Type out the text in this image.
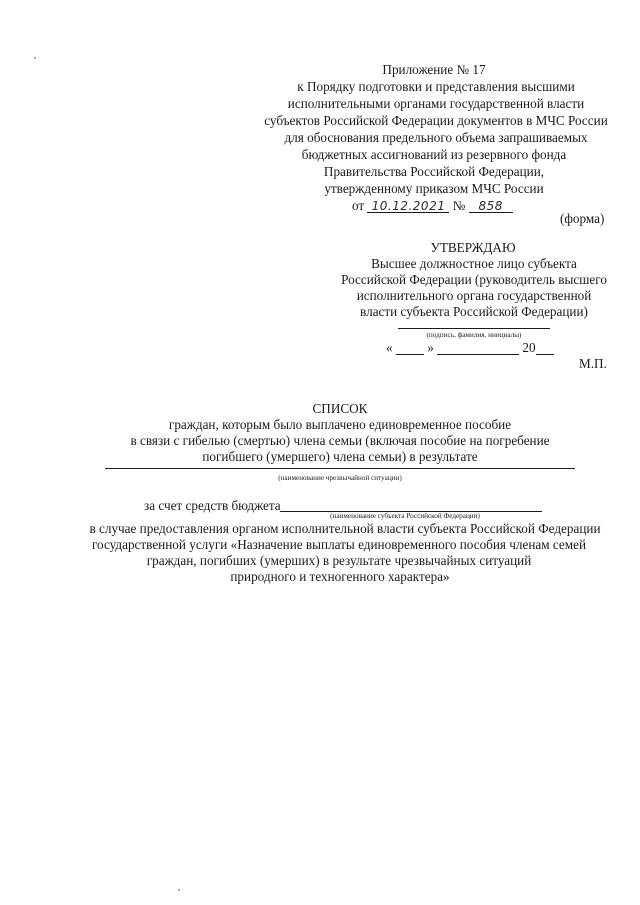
Приложение № 17
к Порядку подготовки и представления высшими
исполнительными органами государственной власти
субъектов Российской Федерации документов в МЧС России
для обоснования предельного объема запрашиваемых
бюджетных ассигнований из резервного фонда
Правительства Российской Федерации,
утвержденному приказом МЧС России
от 10.12.2021 № 858
(форма)
УТВЕРЖДАЮ
Высшее должностное лицо субъекта
Российской Федерации (руководитель высшего
исполнительного органа государственной
власти субъекта Российской Федерации)
(подпись, фамилия, инициалы)
«	»	20

М.П.
СПИСОК
граждан, которым было выплачено единовременное пособие
в связи с гибелью (смертью) члена семьи (включая пособие на погребение
погибшего (умершего) члена семьи) в результате
(наименование чрезвычайной ситуации)
за счет средств бюджета
(наименование субъекта Российской Федерации)
в случае предоставления органом исполнительной власти субъекта Российской Федерации
государственной услуги «Назначение выплаты единовременного пособия членам семей
граждан, погибших (умерших) в результате чрезвычайных ситуаций
природного и техногенного характера»
